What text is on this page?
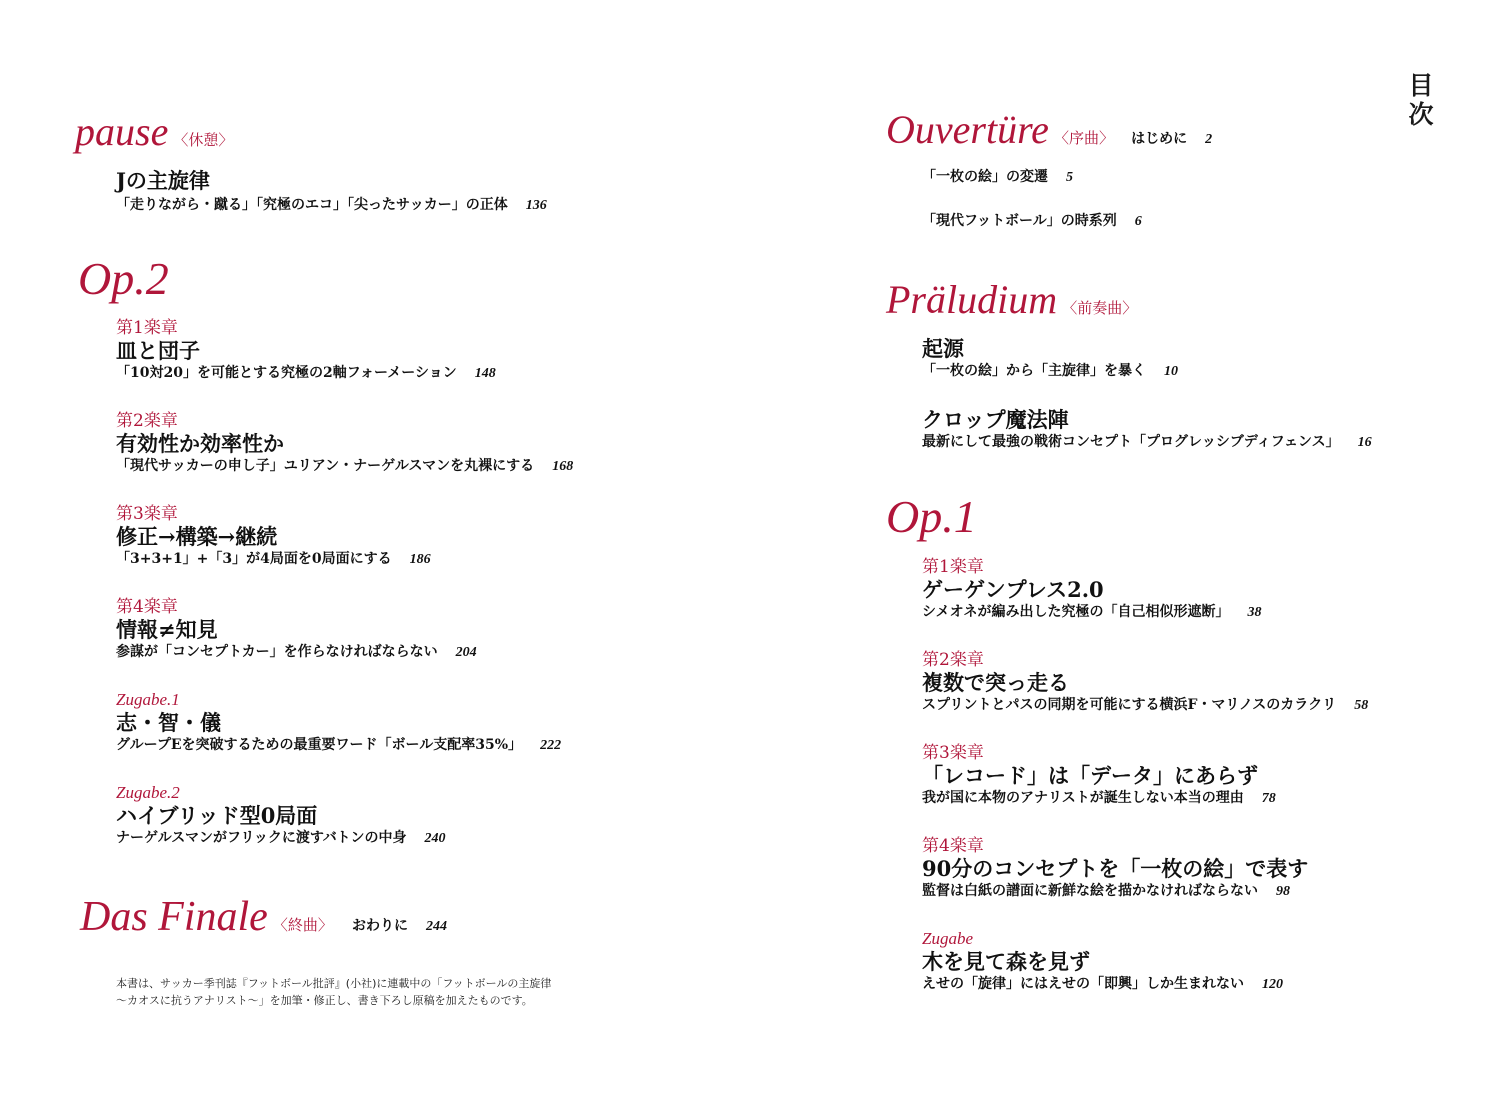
目次
pause 〈休憩〉
Jの主旋律
「走りながら・蹴る」「究極のエコ」「尖ったサッカー」の正体 136
Op.2
第1楽章
皿と団子
「10対20」を可能とする究極の2軸フォーメーション 148
第2楽章
有効性か効率性か
「現代サッカーの申し子」ユリアン・ナーゲルスマンを丸裸にする 168
第3楽章
修正→構築→継続
「3+3+1」+「3」が4局面を0局面にする 186
第4楽章
情報≠知見
参謀が「コンセプトカー」を作らなければならない 204
Zugabe.1
志・智・儀
グループEを突破するための最重要ワード「ボール支配率35%」 222
Zugabe.2
ハイブリッド型0局面
ナーゲルスマンがフリックに渡すバトンの中身 240
Das Finale 〈終曲〉 おわりに 244
本書は、サッカー季刊誌『フットボール批評』(小社)に連載中の「フットボールの主旋律
〜カオスに抗うアナリスト〜」を加筆・修正し、書き下ろし原稿を加えたものです。
Ouvertüre 〈序曲〉 はじめに 2
「一枚の絵」の変遷 5
「現代フットボール」の時系列 6
Präludium 〈前奏曲〉
起源
「一枚の絵」から「主旋律」を暴く 10
クロップ魔法陣
最新にして最強の戦術コンセプト「プログレッシブディフェンス」 16
Op.1
第1楽章
ゲーゲンプレス2.0
シメオネが編み出した究極の「自己相似形遮断」 38
第2楽章
複数で突っ走る
スプリントとパスの同期を可能にする横浜F・マリノスのカラクリ 58
第3楽章
「レコード」は「データ」にあらず
我が国に本物のアナリストが誕生しない本当の理由 78
第4楽章
90分のコンセプトを「一枚の絵」で表す
監督は白紙の譜面に新鮮な絵を描かなければならない 98
Zugabe
木を見て森を見ず
えせの「旋律」にはえせの「即興」しか生まれない 120
